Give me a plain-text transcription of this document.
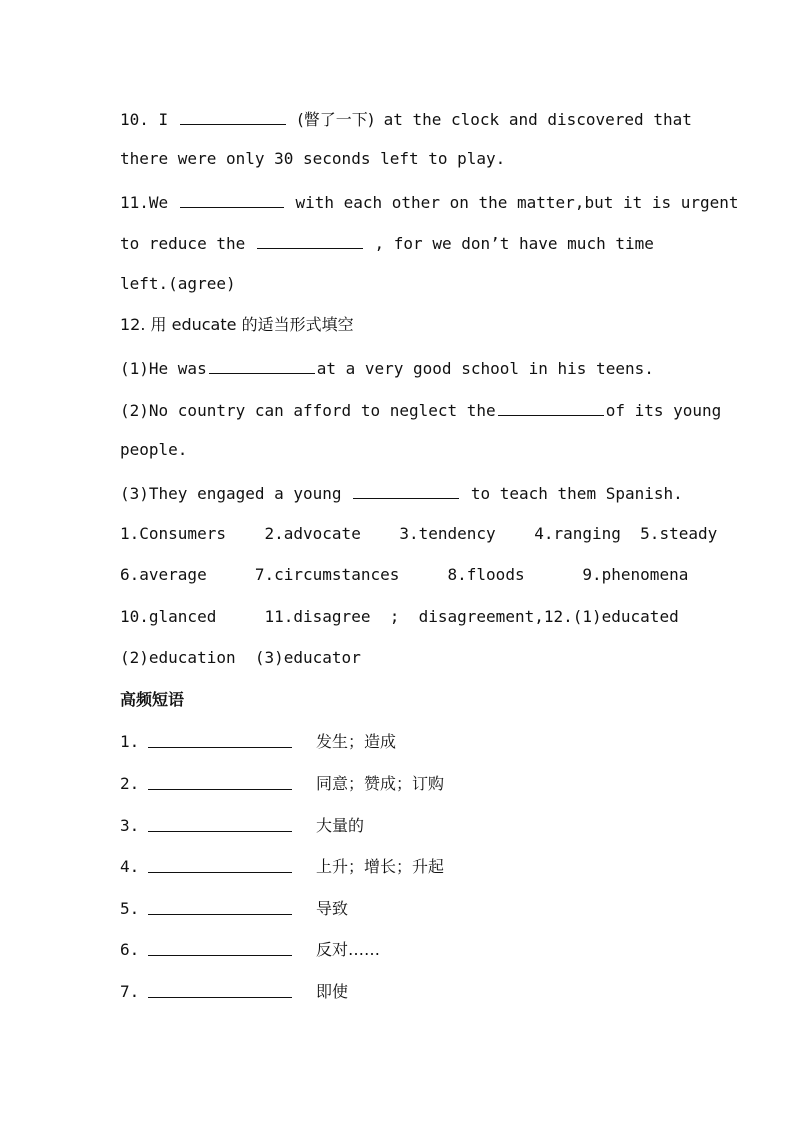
10. I	(瞥了一下) at the clock and discovered that
there were only 30 seconds left to play.
11.We	with each other on the matter,but it is urgent
to reduce the	, for we don’t have much time
left.(agree)
12. 用 educate 的适当形式填空
(1)He was	at a very good school in his teens.
(2)No country can afford to neglect the	of its young
people.
(3)They engaged a young	to teach them Spanish.
1.Consumers    2.advocate    3.tendency    4.ranging  5.steady
6.average     7.circumstances     8.floods      9.phenomena
10.glanced     11.disagree  ;  disagreement,12.(1)educated
(2)education  (3)educator
高频短语
1.	发生；造成
2.	同意；赞成；订购
3.	大量的
4.	上升；增长；升起
5.	导致
6.	反对……
7.	即使
